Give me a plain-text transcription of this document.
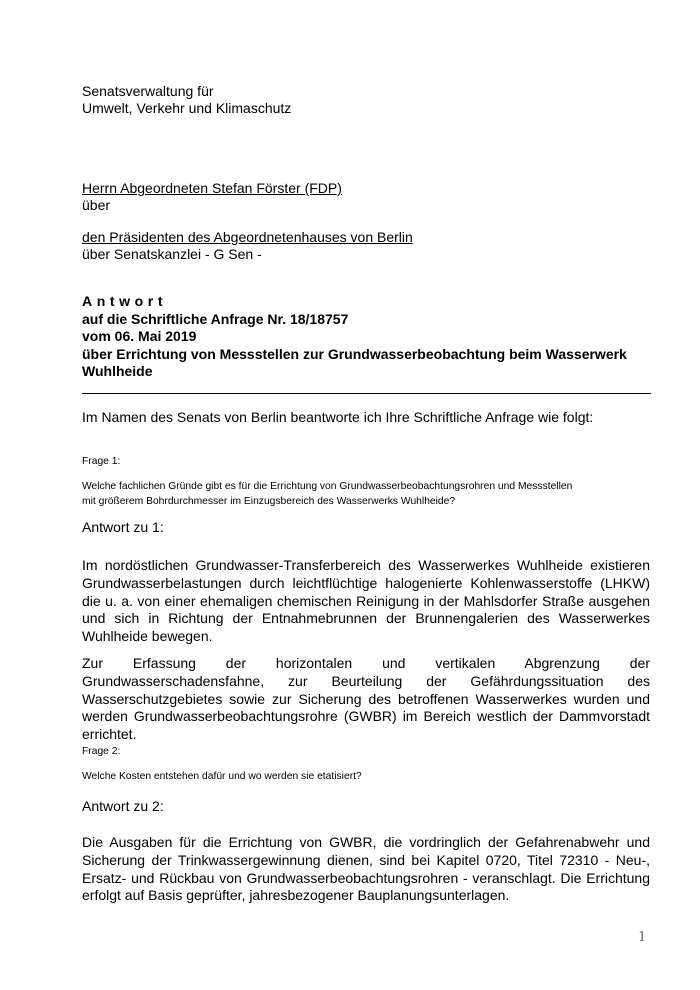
Senatsverwaltung für
Umwelt, Verkehr und Klimaschutz
Herrn Abgeordneten Stefan Förster (FDP)
über
den Präsidenten des Abgeordnetenhauses von Berlin
über Senatskanzlei - G Sen -
Antwort
auf die Schriftliche Anfrage Nr. 18/18757
vom 06. Mai 2019
über Errichtung von Messstellen zur Grundwasserbeobachtung beim Wasserwerk
Wuhlheide
Im Namen des Senats von Berlin beantworte ich Ihre Schriftliche Anfrage wie folgt:
Frage 1:
Welche fachlichen Gründe gibt es für die Errichtung von Grundwasserbeobachtungsrohren und Messstellen
mit größerem Bohrdurchmesser im Einzugsbereich des Wasserwerks Wuhlheide?
Antwort zu 1:
Im nordöstlichen Grundwasser-Transferbereich des Wasserwerkes Wuhlheide existieren Grundwasserbelastungen durch leichtflüchtige halogenierte Kohlenwasserstoffe (LHKW) die u. a. von einer ehemaligen chemischen Reinigung in der Mahlsdorfer Straße ausgehen und sich in Richtung der Entnahmebrunnen der Brunnengalerien des Wasserwerkes Wuhlheide bewegen.
Zur Erfassung der horizontalen und vertikalen Abgrenzung der Grundwasserschadensfahne, zur Beurteilung der Gefährdungssituation des Wasserschutzgebietes sowie zur Sicherung des betroffenen Wasserwerkes wurden und werden Grundwasserbeobachtungsrohre (GWBR) im Bereich westlich der Dammvorstadt errichtet.
Frage 2:
Welche Kosten entstehen dafür und wo werden sie etatisiert?
Antwort zu 2:
Die Ausgaben für die Errichtung von GWBR, die vordringlich der Gefahrenabwehr und Sicherung der Trinkwassergewinnung dienen, sind bei Kapitel 0720, Titel 72310 - Neu-, Ersatz- und Rückbau von Grundwasserbeobachtungsrohren - veranschlagt. Die Errichtung erfolgt auf Basis geprüfter, jahresbezogener Bauplanungsunterlagen.
1
